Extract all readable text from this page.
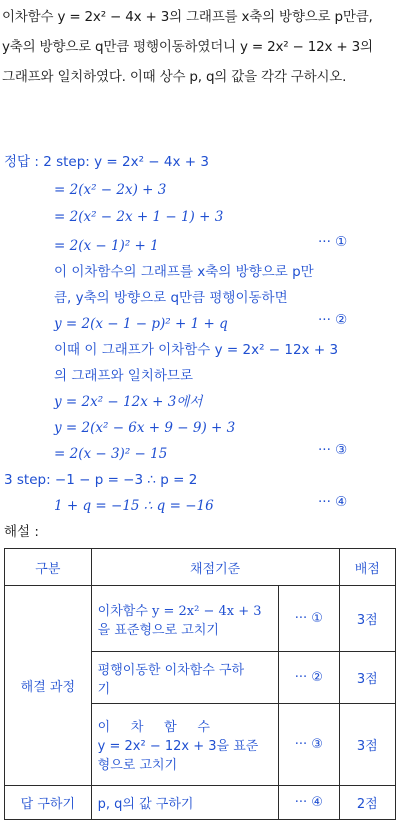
이차함수 y = 2x² − 4x + 3의 그래프를 x축의 방향으로 p만큼,
y축의 방향으로 q만큼 평행이동하였더니 y = 2x² − 12x + 3의
그래프와 일치하였다. 이때 상수 p, q의 값을 각각 구하시오.
정답 : 2 step: y = 2x² − 4x + 3
= 2(x² − 2x) + 3
= 2(x² − 2x + 1 − 1) + 3
= 2(x − 1)² + 1	··· ①
이 이차함수의 그래프를 x축의 방향으로 p만
큼, y축의 방향으로 q만큼 평행이동하면
y = 2(x − 1 − p)² + 1 + q	··· ②
이때 이 그래프가 이차함수 y = 2x² − 12x + 3
의 그래프와 일치하므로
y = 2x² − 12x + 3에서
y = 2(x² − 6x + 9 − 9) + 3
= 2(x − 3)² − 15	··· ③
3 step: −1 − p = −3 ∴ p = 2
1 + q = −15 ∴ q = −16	··· ④
해설 :
구분	채점기준		배점
해결 과정	이차함수 y = 2x² − 4x + 3
을 표준형으로 고치기	··· ①	3점

	평행이동한 이차함수 구하
기	··· ②	3점

	이     차     함     수
y = 2x² − 12x + 3을 표준
형으로 고치기	··· ③	3점
답 구하기	p, q의 값 구하기	··· ④	2점
